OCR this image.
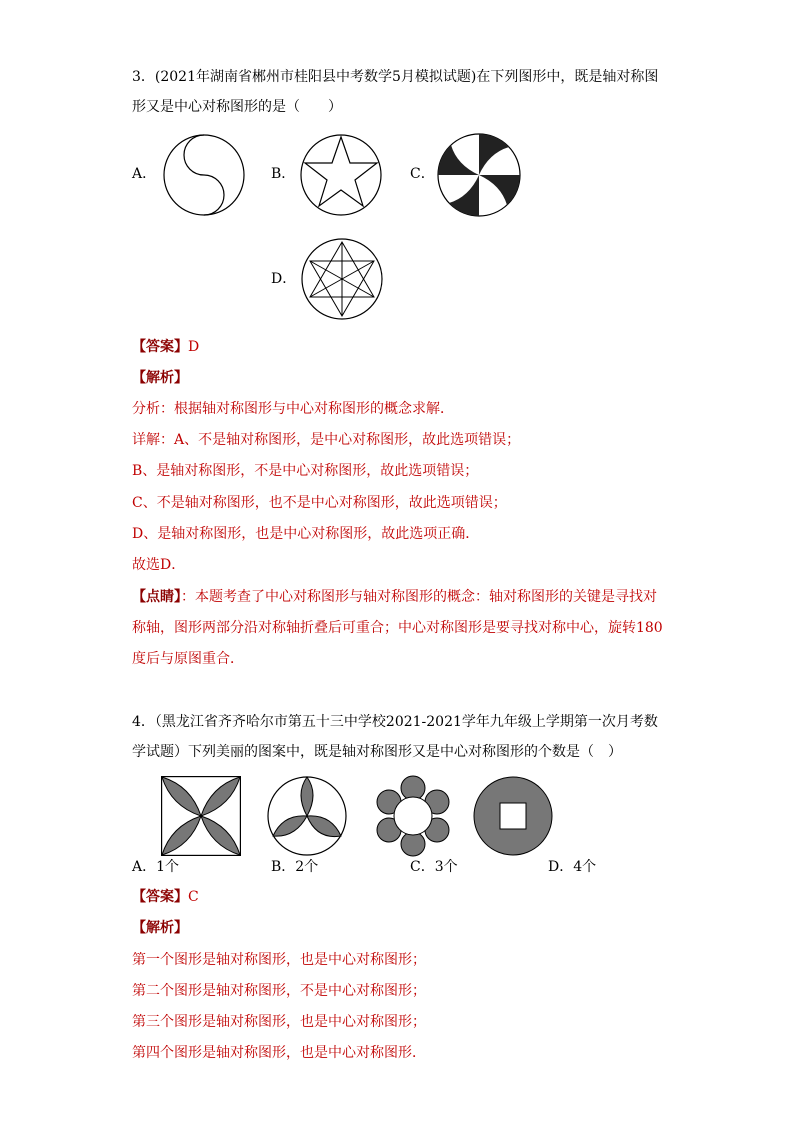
3．(2021年湖南省郴州市桂阳县中考数学5月模拟试题)在下列图形中，既是轴对称图
形又是中心对称图形的是（　　）
A．	B．	C．
D．
【答案】D
【解析】
分析：根据轴对称图形与中心对称图形的概念求解．
详解：A、不是轴对称图形，是中心对称图形，故此选项错误；
B、是轴对称图形，不是中心对称图形，故此选项错误；
C、不是轴对称图形，也不是中心对称图形，故此选项错误；
D、是轴对称图形，也是中心对称图形，故此选项正确．
故选D．
【点睛】：本题考查了中心对称图形与轴对称图形的概念：轴对称图形的关键是寻找对
称轴，图形两部分沿对称轴折叠后可重合；中心对称图形是要寻找对称中心，旋转180
度后与原图重合．
4．（黑龙江省齐齐哈尔市第五十三中学校2021-2021学年九年级上学期第一次月考数
学试题）下列美丽的图案中，既是轴对称图形又是中心对称图形的个数是（　）
A．1个	B．2个	C．3个	D．4个
【答案】C
【解析】
第一个图形是轴对称图形，也是中心对称图形；
第二个图形是轴对称图形，不是中心对称图形；
第三个图形是轴对称图形，也是中心对称图形；
第四个图形是轴对称图形，也是中心对称图形．
